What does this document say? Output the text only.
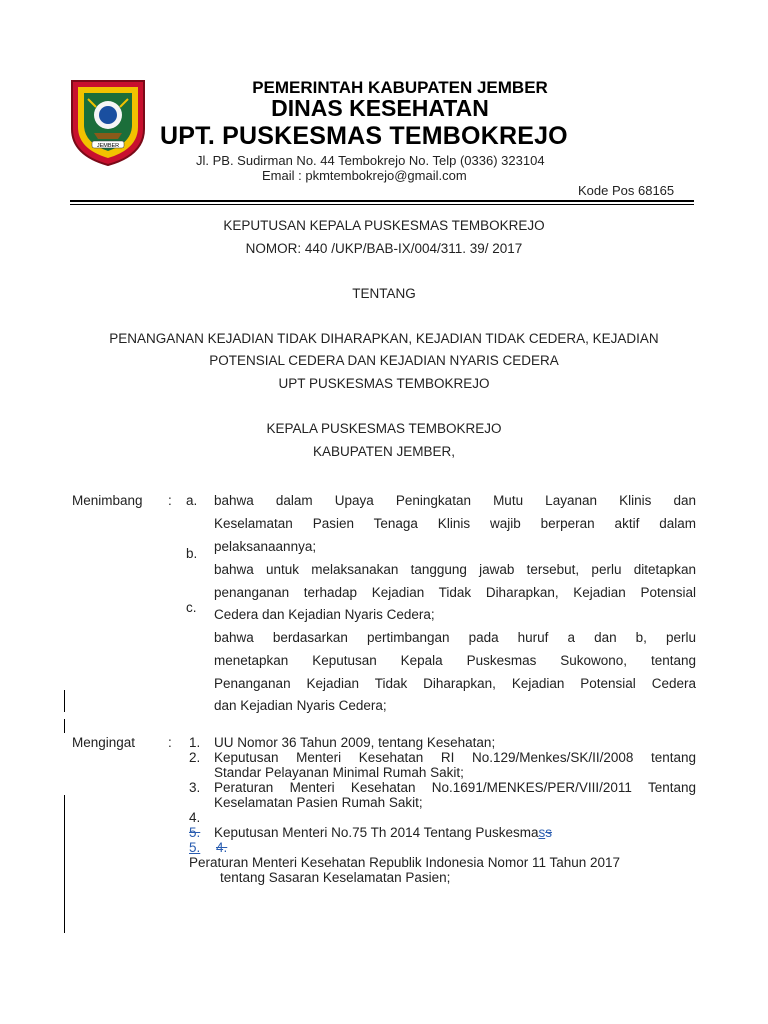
JEMBER
PEMERINTAH KABUPATEN JEMBER
DINAS KESEHATAN
UPT. PUSKESMAS TEMBOKREJO
Jl. PB. Sudirman No. 44 Tembokrejo No. Telp (0336) 323104
Email : pkmtembokrejo@gmail.com
Kode Pos 68165
KEPUTUSAN KEPALA PUSKESMAS TEMBOKREJO
NOMOR: 440 /UKP/BAB-IX/004/311. 39/ 2017
TENTANG
PENANGANAN KEJADIAN TIDAK DIHARAPKAN, KEJADIAN TIDAK CEDERA, KEJADIAN
POTENSIAL CEDERA DAN KEJADIAN NYARIS CEDERA
UPT PUSKESMAS TEMBOKREJO
KEPALA PUSKESMAS TEMBOKREJO
KABUPATEN JEMBER,
Menimbang : a.
b.
c.
bahwa dalam Upaya Peningkatan Mutu Layanan Klinis dan
Keselamatan Pasien Tenaga Klinis wajib berperan aktif dalam
pelaksanaannya;
bahwa untuk melaksanakan tanggung jawab tersebut, perlu ditetapkan
penanganan terhadap Kejadian Tidak Diharapkan, Kejadian Potensial
Cedera dan Kejadian Nyaris Cedera;
bahwa berdasarkan pertimbangan pada huruf a dan b, perlu
menetapkan Keputusan Kepala Puskesmas Sukowono, tentang
Penanganan Kejadian Tidak Diharapkan, Kejadian Potensial Cedera
dan Kejadian Nyaris Cedera;
Mengingat : 1. UU Nomor 36 Tahun 2009, tentang Kesehatan;
2. Keputusan Menteri Kesehatan RI No.129/Menkes/SK/II/2008 tentang
Standar Pelayanan Minimal Rumah Sakit;
3. Peraturan Menteri Kesehatan No.1691/MENKES/PER/VIII/2011 Tentang
Keselamatan Pasien Rumah Sakit;
4.
5. Keputusan Menteri No.75 Th 2014 Tentang Puskesmass
5. 4.
Peraturan Menteri Kesehatan Republik Indonesia Nomor 11 Tahun 2017
tentang Sasaran Keselamatan Pasien;
